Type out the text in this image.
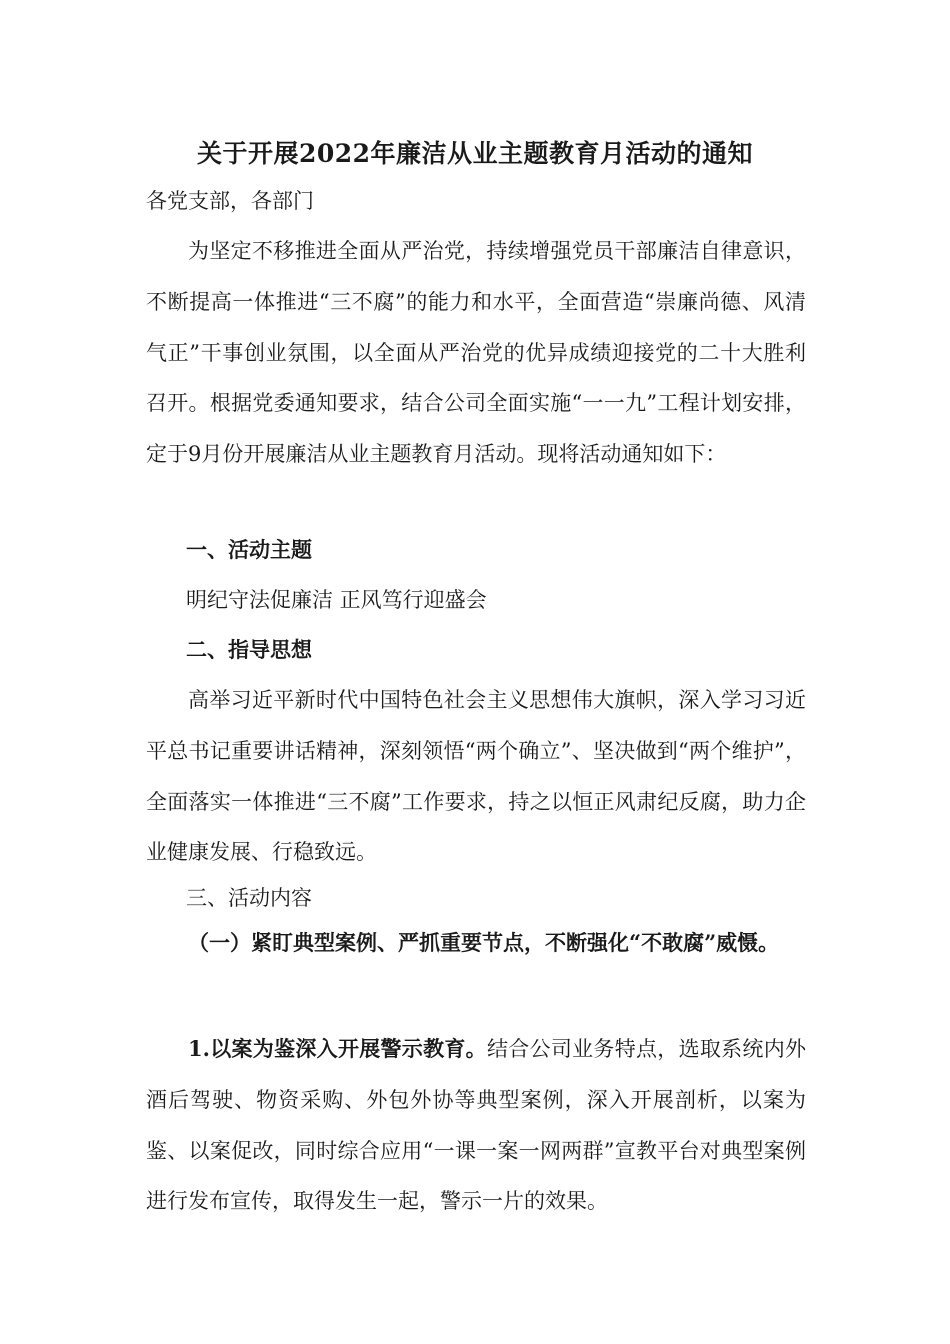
关于开展2022年廉洁从业主题教育月活动的通知
各党支部，各部门
为坚定不移推进全面从严治党，持续增强党员干部廉洁自律意识，不断提高一体推进“三不腐”的能力和水平，全面营造“崇廉尚德、风清气正”干事创业氛围，以全面从严治党的优异成绩迎接党的二十大胜利召开。根据党委通知要求，结合公司全面实施“一一九”工程计划安排，定于9月份开展廉洁从业主题教育月活动。现将活动通知如下：
一、活动主题
明纪守法促廉洁 正风笃行迎盛会
二、指导思想
高举习近平新时代中国特色社会主义思想伟大旗帜，深入学习习近平总书记重要讲话精神，深刻领悟“两个确立”、坚决做到“两个维护”，全面落实一体推进“三不腐”工作要求，持之以恒正风肃纪反腐，助力企业健康发展、行稳致远。
三、活动内容
（一）紧盯典型案例、严抓重要节点，不断强化“不敢腐”威慑。
1.以案为鉴深入开展警示教育。结合公司业务特点，选取系统内外酒后驾驶、物资采购、外包外协等典型案例，深入开展剖析，以案为鉴、以案促改，同时综合应用“一课一案一网两群”宣教平台对典型案例进行发布宣传，取得发生一起，警示一片的效果。
